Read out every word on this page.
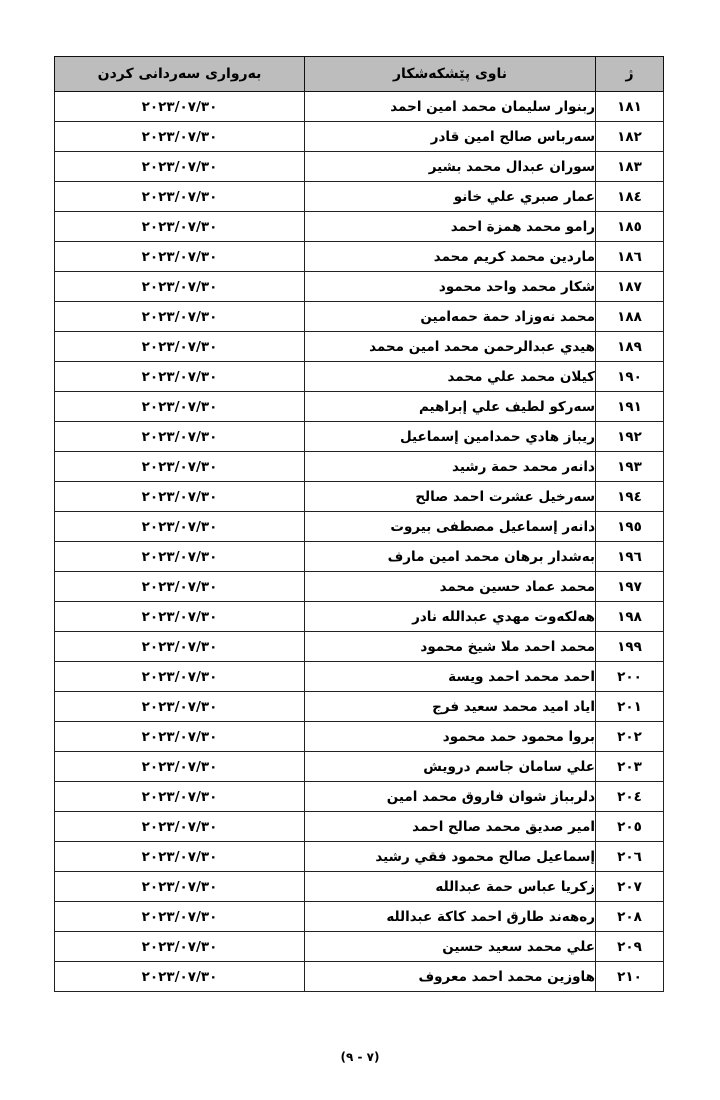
ژ	ناوی پێشکەشکار	بەرواری سەردانی کردن
١٨١	ربنوار سليمان محمد امين احمد	٢٠٢٣/٠٧/٣٠
١٨٢	سەرباس صالح امين قادر	٢٠٢٣/٠٧/٣٠
١٨٣	سوران عبدال محمد بشير	٢٠٢٣/٠٧/٣٠
١٨٤	عمار صبري علي خانو	٢٠٢٣/٠٧/٣٠
١٨٥	رامو محمد همزة احمد	٢٠٢٣/٠٧/٣٠
١٨٦	ماردين محمد كريم محمد	٢٠٢٣/٠٧/٣٠
١٨٧	شكار محمد واحد محمود	٢٠٢٣/٠٧/٣٠
١٨٨	محمد نەوزاد حمة حمەامين	٢٠٢٣/٠٧/٣٠
١٨٩	هيدي عبدالرحمن محمد امين محمد	٢٠٢٣/٠٧/٣٠
١٩٠	كيلان محمد علي محمد	٢٠٢٣/٠٧/٣٠
١٩١	سەركو لطيف علي إبراهيم	٢٠٢٣/٠٧/٣٠
١٩٢	ريباز هادي حمدامين إسماعيل	٢٠٢٣/٠٧/٣٠
١٩٣	دانەر محمد حمة رشيد	٢٠٢٣/٠٧/٣٠
١٩٤	سەرخيل عشرت احمد صالح	٢٠٢٣/٠٧/٣٠
١٩٥	دانەر إسماعيل مصطفى بيروت	٢٠٢٣/٠٧/٣٠
١٩٦	بەشدار برهان محمد امين مارف	٢٠٢٣/٠٧/٣٠
١٩٧	محمد عماد حسين محمد	٢٠٢٣/٠٧/٣٠
١٩٨	هەلكەوت مهدي عبدالله نادر	٢٠٢٣/٠٧/٣٠
١٩٩	محمد احمد ملا شيخ محمود	٢٠٢٣/٠٧/٣٠
٢٠٠	احمد محمد احمد ويسة	٢٠٢٣/٠٧/٣٠
٢٠١	اياد اميد محمد سعيد فرج	٢٠٢٣/٠٧/٣٠
٢٠٢	بروا محمود حمد محمود	٢٠٢٣/٠٧/٣٠
٢٠٣	علي سامان جاسم درويش	٢٠٢٣/٠٧/٣٠
٢٠٤	دلربباز شوان فاروق محمد امين	٢٠٢٣/٠٧/٣٠
٢٠٥	امير صديق محمد صالح احمد	٢٠٢٣/٠٧/٣٠
٢٠٦	إسماعيل صالح محمود فقي رشيد	٢٠٢٣/٠٧/٣٠
٢٠٧	زكريا عباس حمة عبدالله	٢٠٢٣/٠٧/٣٠
٢٠٨	رەهەند طارق احمد كاكة عبدالله	٢٠٢٣/٠٧/٣٠
٢٠٩	علي محمد سعيد حسين	٢٠٢٣/٠٧/٣٠
٢١٠	هاوزين محمد احمد معروف	٢٠٢٣/٠٧/٣٠
(٧ - ٩)
